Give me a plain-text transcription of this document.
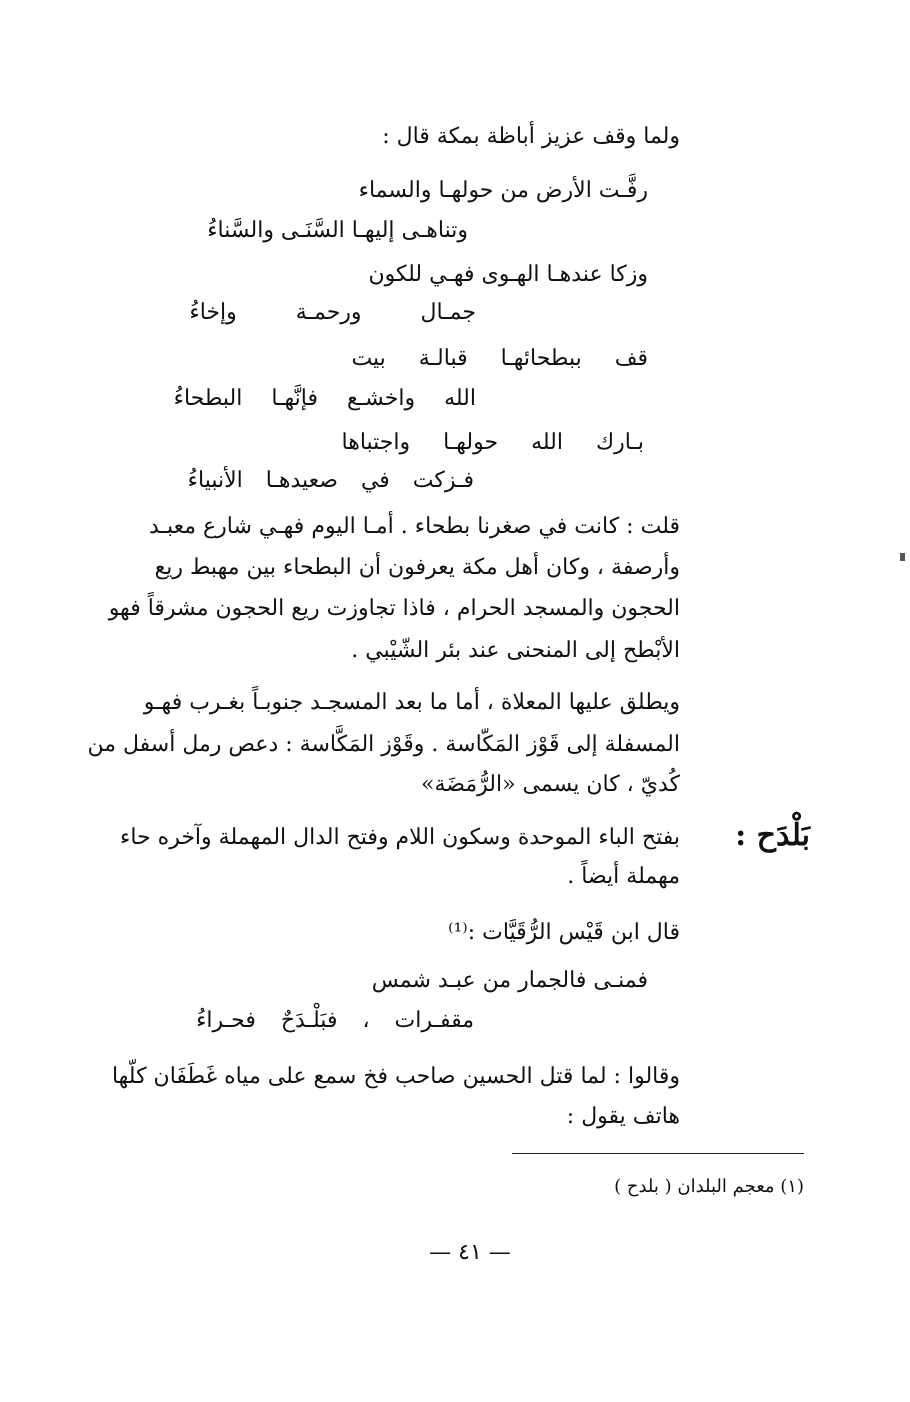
ولما وقف عزيز أباظة بمكة قال :
رفَّـت الأرض من حولهـا والسماء
وتناهـى إليهـا السَّنَـى والسَّناءُ
وزكا عندهـا الهـوى فهـي للكون
جمـال ورحمـة وإخاءُ
قف ببطحائهـا قبالـة بيت
الله واخشـع فإنَّهـا البطحاءُ
بـارك الله حولهـا واجتباها
فـزكت في صعيدهـا الأنبياءُ
قلت : كانت في صغرنا بطحاء . أمـا اليوم فهـي شارع معبـد
وأرصفة ، وكان أهل مكة يعرفون أن البطحاء بين مهبط ريع
الحجون والمسجد الحرام ، فاذا تجاوزت ريع الحجون مشرقاً فهو
الأبْطح إلى المنحنى عند بئر الشّيْبي .
ويطلق عليها المعلاة ، أما ما بعد المسجـد جنوبـاً بغـرب فهـو
المسفلة إلى قَوْز المَكّاسة . وقَوْز المَكَّاسة : دعص رمل أسفل من
كُديّ ، كان يسمى «الرُّمَضَة»
بَلْدَح :
بفتح الباء الموحدة وسكون اللام وفتح الدال المهملة وآخره حاء
مهملة أيضاً .
قال ابن قَيْس الرُّقَيَّات :⁽¹⁾
فمنـى فالجمار من عبـد شمس
مقفـرات ، فبَلْـدَحٌ فحـراءُ
وقالوا : لما قتل الحسين صاحب فخ سمع على مياه غَطَفَان كلّها
هاتف يقول :
(١) معجم البلدان ( بلدح )
— ٤١ —
